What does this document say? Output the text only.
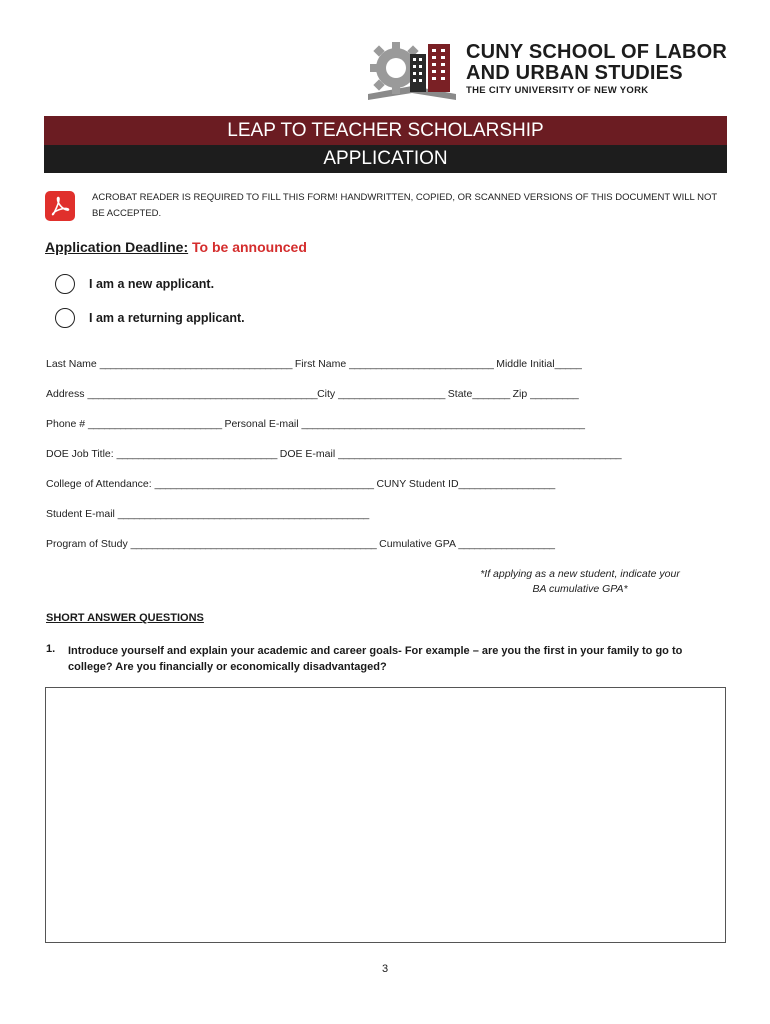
CUNY SCHOOL OF LABOR
AND URBAN STUDIES
THE CITY UNIVERSITY OF NEW YORK
LEAP TO TEACHER SCHOLARSHIP
APPLICATION
ACROBAT READER IS REQUIRED TO FILL THIS FORM! HANDWRITTEN, COPIED, OR SCANNED VERSIONS OF THIS DOCUMENT WILL NOT BE ACCEPTED.
Application Deadline: To be announced
I am a new applicant.
I am a returning applicant.
Last Name ____________________________________ First Name ___________________________ Middle Initial_____
Address ___________________________________________City ____________________ State_______ Zip _________
Phone # _________________________ Personal E-mail _____________________________________________________
DOE Job Title: ______________________________ DOE E-mail _____________________________________________________
College of Attendance: _________________________________________ CUNY Student ID__________________
Student E-mail _______________________________________________
Program of Study ______________________________________________ Cumulative GPA __________________
*If applying as a new student, indicate your
BA cumulative GPA*
SHORT ANSWER QUESTIONS
1. Introduce yourself and explain your academic and career goals- For example – are you the first in your family to go to college? Are you financially or economically disadvantaged?
3
